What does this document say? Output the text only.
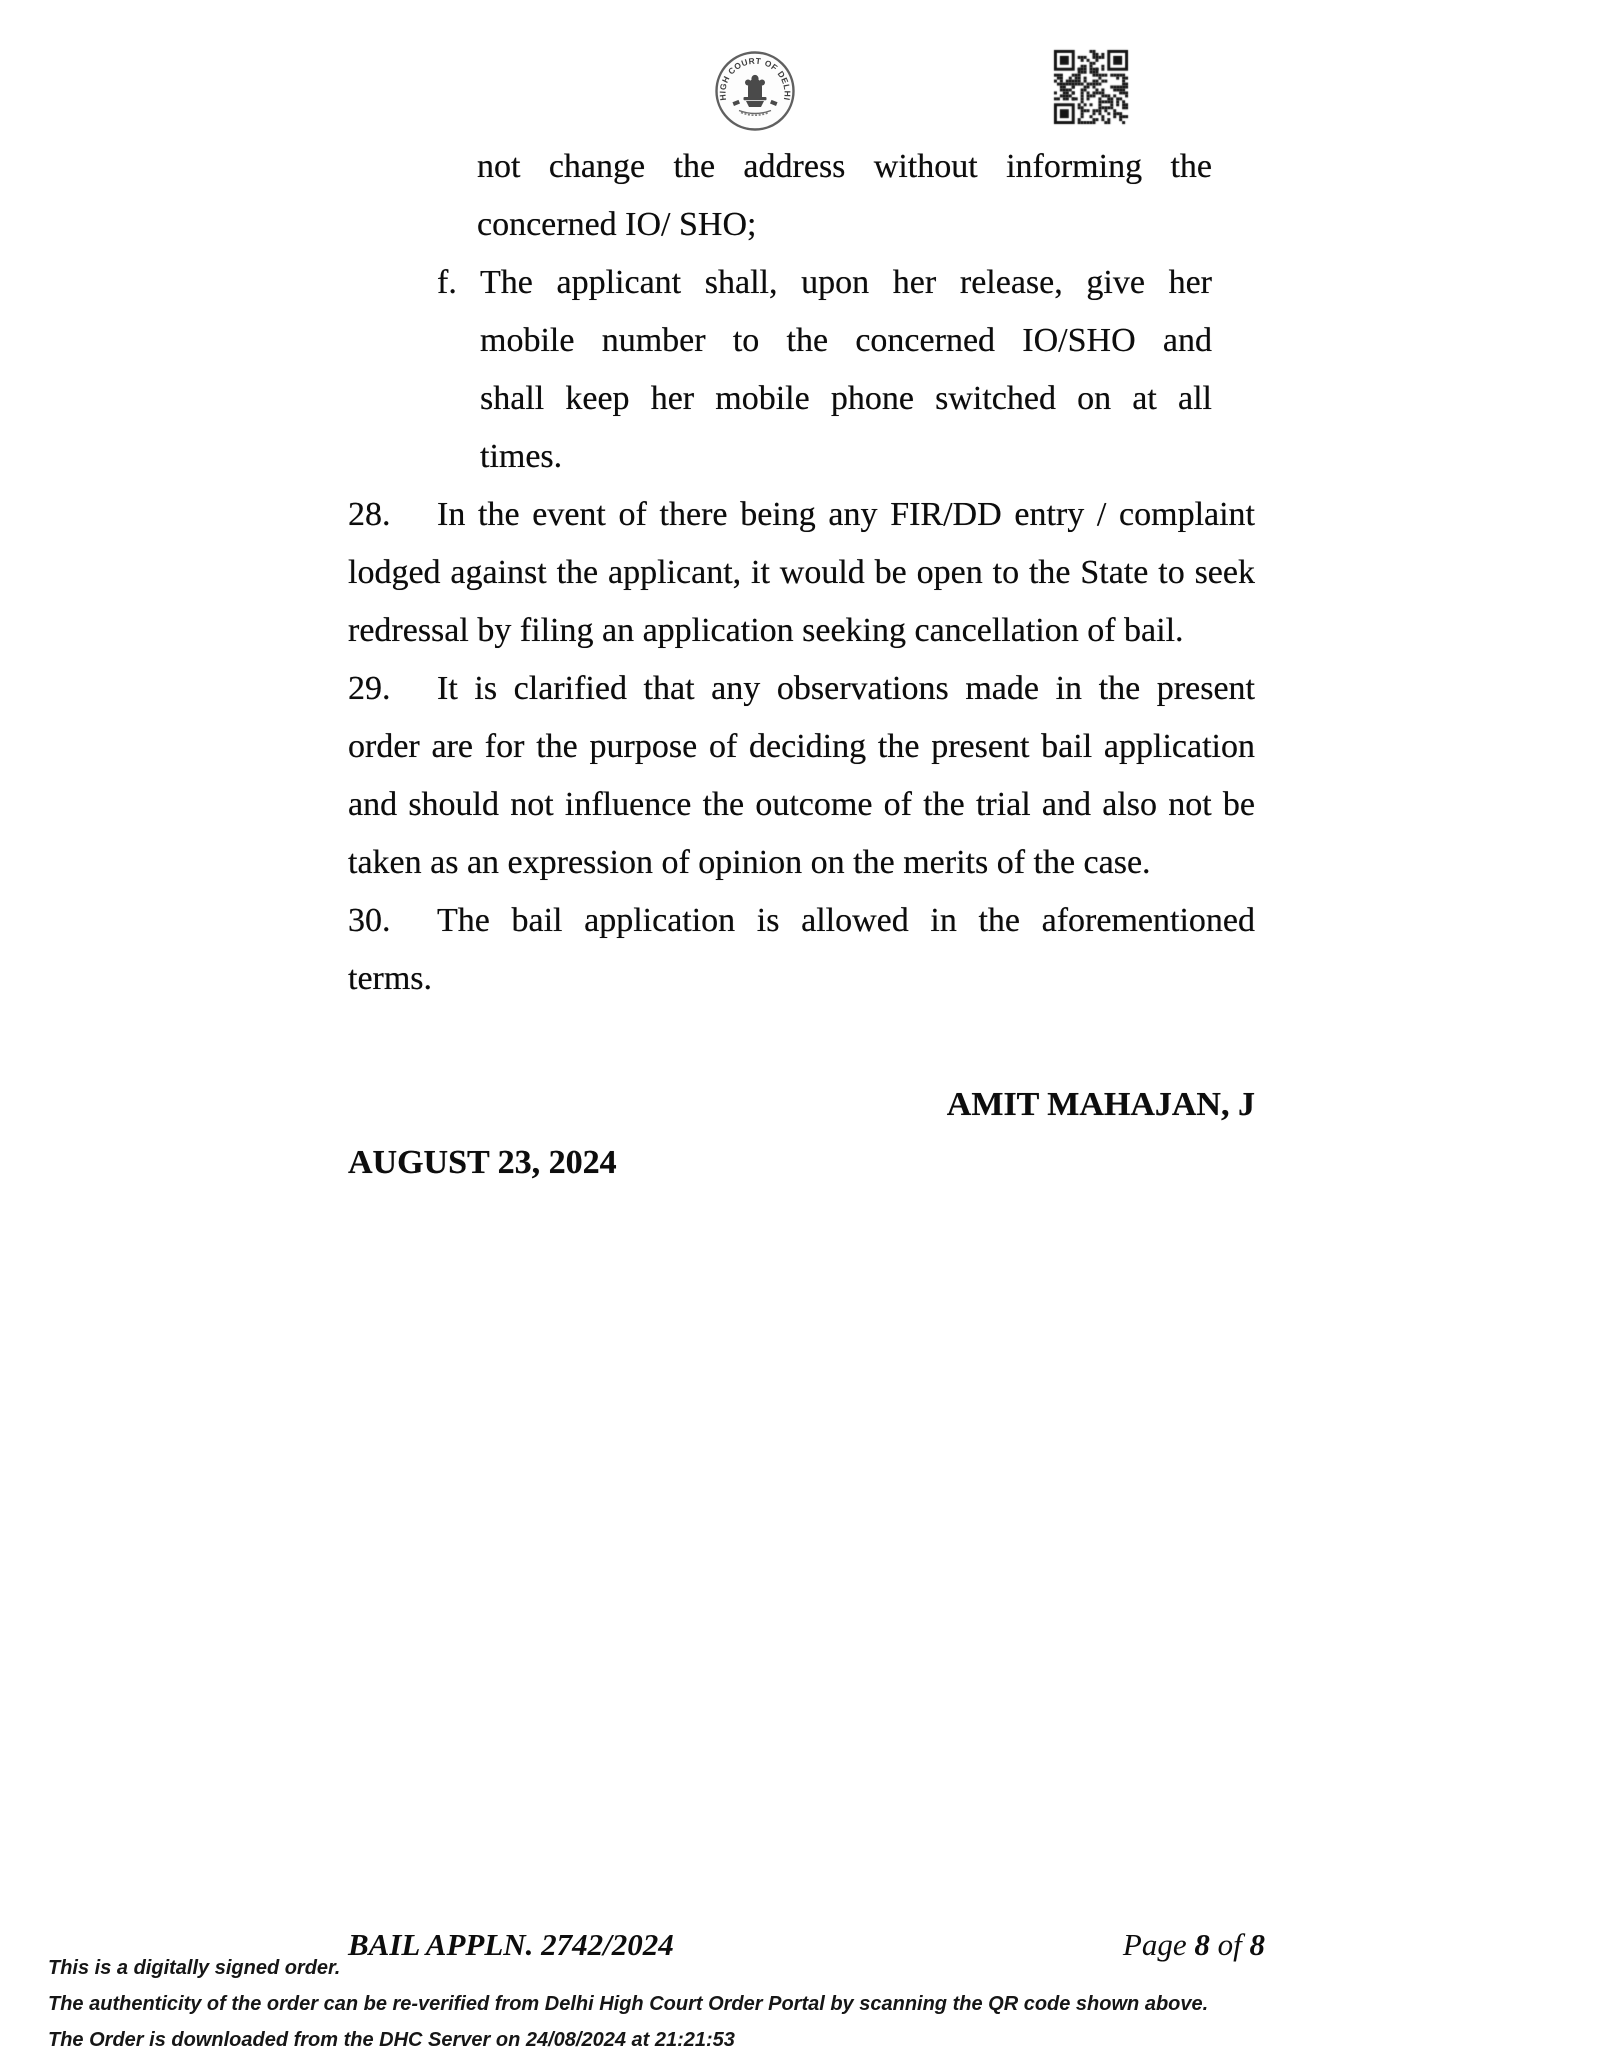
HIGH COURT OF DELHI
not change the address without informing the
concerned IO/ SHO;
f. The applicant shall, upon her release, give her
mobile number to the concerned IO/SHO and
shall keep her mobile phone switched on at all
times.
28. In the event of there being any FIR/DD entry / complaint
lodged against the applicant, it would be open to the State to seek
redressal by filing an application seeking cancellation of bail.
29. It is clarified that any observations made in the present
order are for the purpose of deciding the present bail application
and should not influence the outcome of the trial and also not be
taken as an expression of opinion on the merits of the case.
30. The bail application is allowed in the aforementioned
terms.
AMIT MAHAJAN, J
AUGUST 23, 2024
BAIL APPLN. 2742/2024	Page 8 of 8
This is a digitally signed order.
The authenticity of the order can be re-verified from Delhi High Court Order Portal by scanning the QR code shown above.
The Order is downloaded from the DHC Server on 24/08/2024 at 21:21:53
